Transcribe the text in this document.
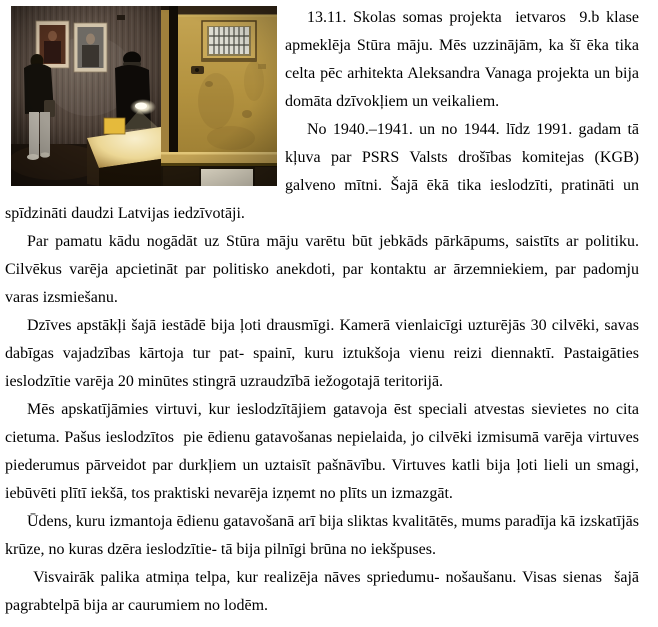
13.11. Skolas somas projekta  ietvaros  9.b klase apmeklēja Stūra māju. Mēs uzzinājām, ka šī ēka tika celta pēc arhitekta Aleksandra Vanaga projekta un bija domāta dzīvokļiem un veikaliem.

No 1940.–1941. un no 1944. līdz 1991. gadam tā kļuva par PSRS Valsts drošības komitejas (KGB) galveno mītni. Šajā ēkā tika ieslodzīti, pratināti un spīdzināti daudzi Latvijas iedzīvotāji.

Par pamatu kādu nogādāt uz Stūra māju varētu būt jebkāds pārkāpums, saistīts ar politiku. Cilvēkus varēja apcietināt par politisko anekdoti, par kontaktu ar ārzemniekiem, par padomju varas izsmiešanu.

Dzīves apstākļi šajā iestādē bija ļoti drausmīgi. Kamerā vienlaicīgi uzturējās 30 cilvēki, savas dabīgas vajadzības kārtoja tur pat- spainī, kuru iztukšoja vienu reizi diennaktī. Pastaigāties ieslodzītie varēja 20 minūtes stingrā uzraudzībā iežogotajā teritorijā.

Mēs apskatījāmies virtuvi, kur ieslodzītājiem gatavoja ēst speciali atvestas sievietes no cita cietuma. Pašus ieslodzītos  pie ēdienu gatavošanas nepielaida, jo cilvēki izmisumā varēja virtuves piederumus pārveidot par durkļiem un uztaisīt pašnāvību. Virtuves katli bija ļoti lieli un smagi, iebūvēti plītī iekšā, tos praktiski nevarēja izņemt no plīts un izmazgāt.

Ūdens, kuru izmantoja ēdienu gatavošanā arī bija sliktas kvalitātēs, mums paradīja kā izskatījās krūze, no kuras dzēra ieslodzītie- tā bija pilnīgi brūna no iekšpuses.

Visvairāk palika atmiņa telpa, kur realizēja nāves spriedumu- nošaušanu. Visas sienas  šajā pagrabtelpā bija ar caurumiem no lodēm.
